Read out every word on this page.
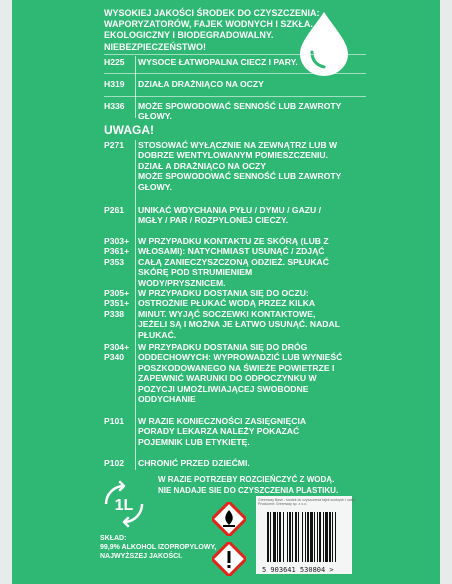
WYSOKIEJ JAKOŚCI ŚRODEK DO CZYSZCZENIA:
WAPORYZATORÓW, FAJEK WODNYCH I SZKŁA.
EKOLOGICZNY I BIODEGRADOWALNY.
NIEBEZPIECZEŃSTWO!
H225	WYSOCE ŁATWOPALNA CIECZ I PARY.
H319	DZIAŁA DRAŻNIĄCO NA OCZY
H336	MOŻE SPOWODOWAĆ SENNOŚĆ LUB ZAWROTY
GŁOWY.
UWAGA!
P271	STOSOWAĆ WYŁĄCZNIE NA ZEWNĄTRZ LUB W
DOBRZE WENTYLOWANYM POMIESZCZENIU.
DZIAŁ A DRAŻNIĄCO NA OCZY
MOŻE SPOWODOWAĆ SENNOŚĆ LUB ZAWROTY
GŁOWY.
P261	UNIKAĆ WDYCHANIA PYŁU / DYMU / GAZU /
MGŁY / PAR / ROZPYLONEJ CIECZY.
P303+
P361+
P353
W PRZYPADKU KONTAKTU ZE SKÓRĄ (LUB Z
WŁOSAMI): NATYCHMIAST USUNĄĆ / ZDJĄĆ
CAŁĄ ZANIECZYSZCZONĄ ODZIEŻ. SPŁUKAĆ
SKÓRĘ POD STRUMIENIEM
WODY/PRYSZNICEM.
P305+
P351+
P338
W PRZYPADKU DOSTANIA SIĘ DO OCZU:
OSTROŻNIE PŁUKAĆ WODĄ PRZEZ KILKA
MINUT. WYJĄĆ SOCZEWKI KONTAKTOWE,
JEŻELI SĄ I MOŻNA JE ŁATWO USUNĄĆ. NADAL
PŁUKAĆ.
P304+
P340
W PRZYPADKU DOSTANIA SIĘ DO DRÓG
ODDECHOWYCH: WYPROWADZIĆ LUB WYNIEŚĆ
POSZKODOWANEGO NA ŚWIEŻE POWIETRZE I
ZAPEWNIĆ WARUNKI DO ODPOCZYNKU W
POZYCJI UMOŻLIWIAJĄCEJ SWOBODNE
ODDYCHANIE
P101	W RAZIE KONIECZNOŚCI ZASIĘGNIĘCIA
PORADY LEKARZA NALEŻY POKAZAĆ
POJEMNIK LUB ETYKIETĘ.
P102	CHRONIĆ PRZED DZIEĆMI.
W RAZIE POTRZEBY ROZCIEŃCZYĆ Z WODĄ.
NIE NADAJE SIE DO CZYSZCZENIA PLASTIKU.
1L
SKŁAD:
99,9% ALKOHOL IZOPROPYLOWY,
NAJWYŻSZEJ JAKOŚCI.
Greenway Base - środek do czyszczenia fajek wodnych i szkła
Producent: Greenway sp. z o.o.
5 903641 530804 >
